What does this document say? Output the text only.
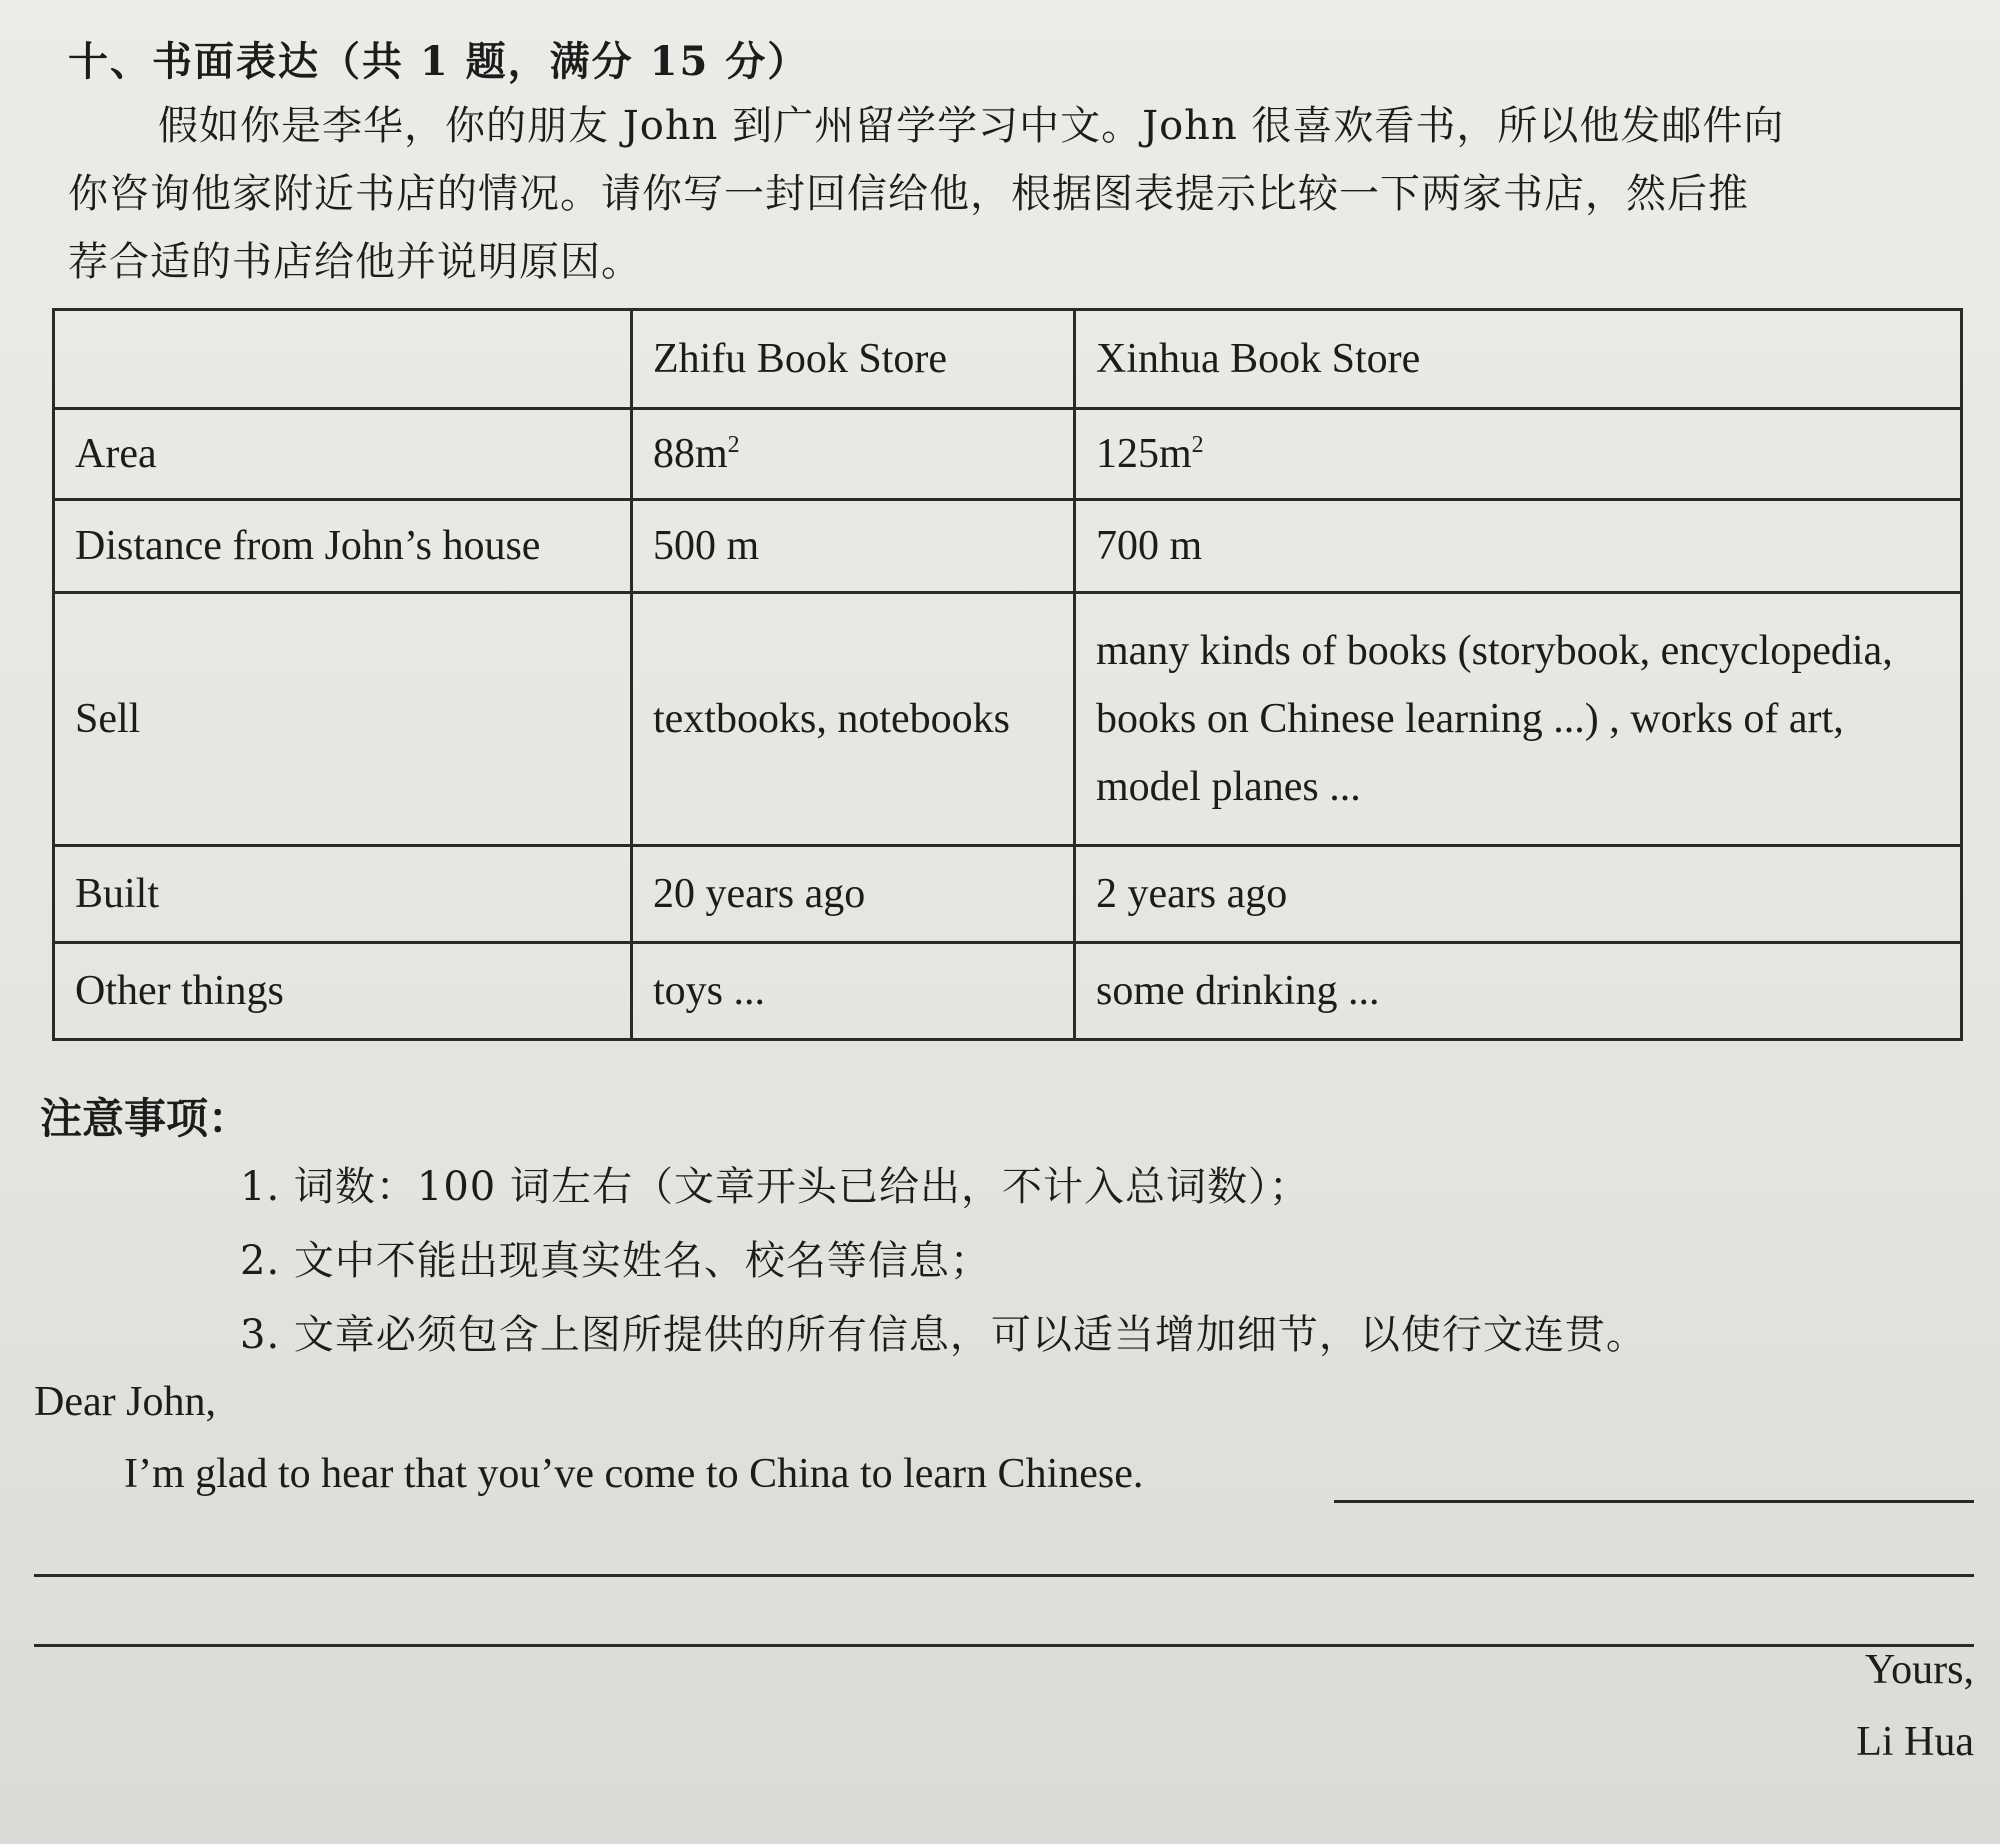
十、书面表达（共 1 题，满分 15 分）
假如你是李华，你的朋友 John 到广州留学学习中文。John 很喜欢看书，所以他发邮件向
你咨询他家附近书店的情况。请你写一封回信给他，根据图表提示比较一下两家书店，然后推
荐合适的书店给他并说明原因。
	Zhifu Book Store	Xinhua Book Store
Area	$88m^2$	$125m^2$
Distance from John’s house	500 m	700 m
Sell	textbooks, notebooks	many kinds of books (storybook, encyclopedia,
books on Chinese learning ...) , works of art,
model planes ...

Built	20 years ago	2 years ago
Other things	toys ...	some drinking ...
注意事项：
1. 词数：100 词左右（文章开头已给出，不计入总词数）；
2. 文中不能出现真实姓名、校名等信息；
3. 文章必须包含上图所提供的所有信息，可以适当增加细节，以使行文连贯。
Dear John,
I’m glad to hear that you’ve come to China to learn Chinese.
Yours,
Li Hua
